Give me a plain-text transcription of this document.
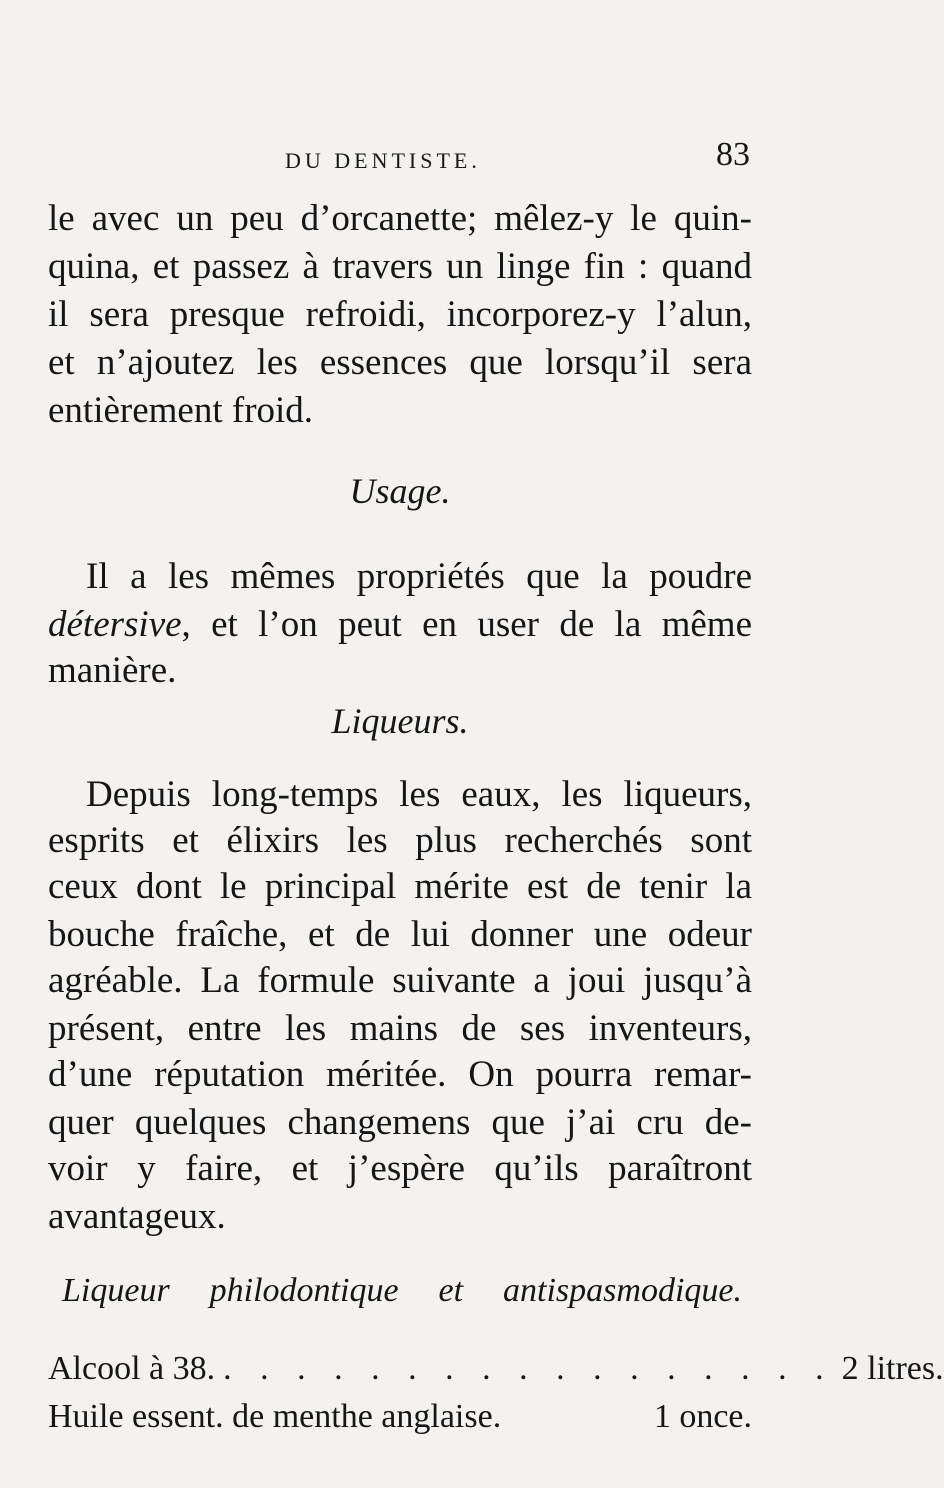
DU DENTISTE.	83
le avec un peu d’orcanette; mêlez-y le quin-
quina, et passez à travers un linge fin : quand
il sera presque refroidi, incorporez-y l’alun,
et n’ajoutez les essences que lorsqu’il sera
entièrement froid.
Usage.
Il a les mêmes propriétés que la poudre
détersive, et l’on peut en user de la même
manière.
Liqueurs.
Depuis long-temps les eaux, les liqueurs,
esprits et élixirs les plus recherchés sont
ceux dont le principal mérite est de tenir la
bouche fraîche, et de lui donner une odeur
agréable. La formule suivante a joui jusqu’à
présent, entre les mains de ses inventeurs,
d’une réputation méritée. On pourra remar-
quer quelques changemens que j’ai cru de-
voir y faire, et j’espère qu’ils paraîtront
avantageux.
Liqueur philodontique et antispasmodique.
Alcool à 38. . . . . . . . . . . . . . . . . . 2 litres.
Huile essent. de menthe anglaise.	1 once.
